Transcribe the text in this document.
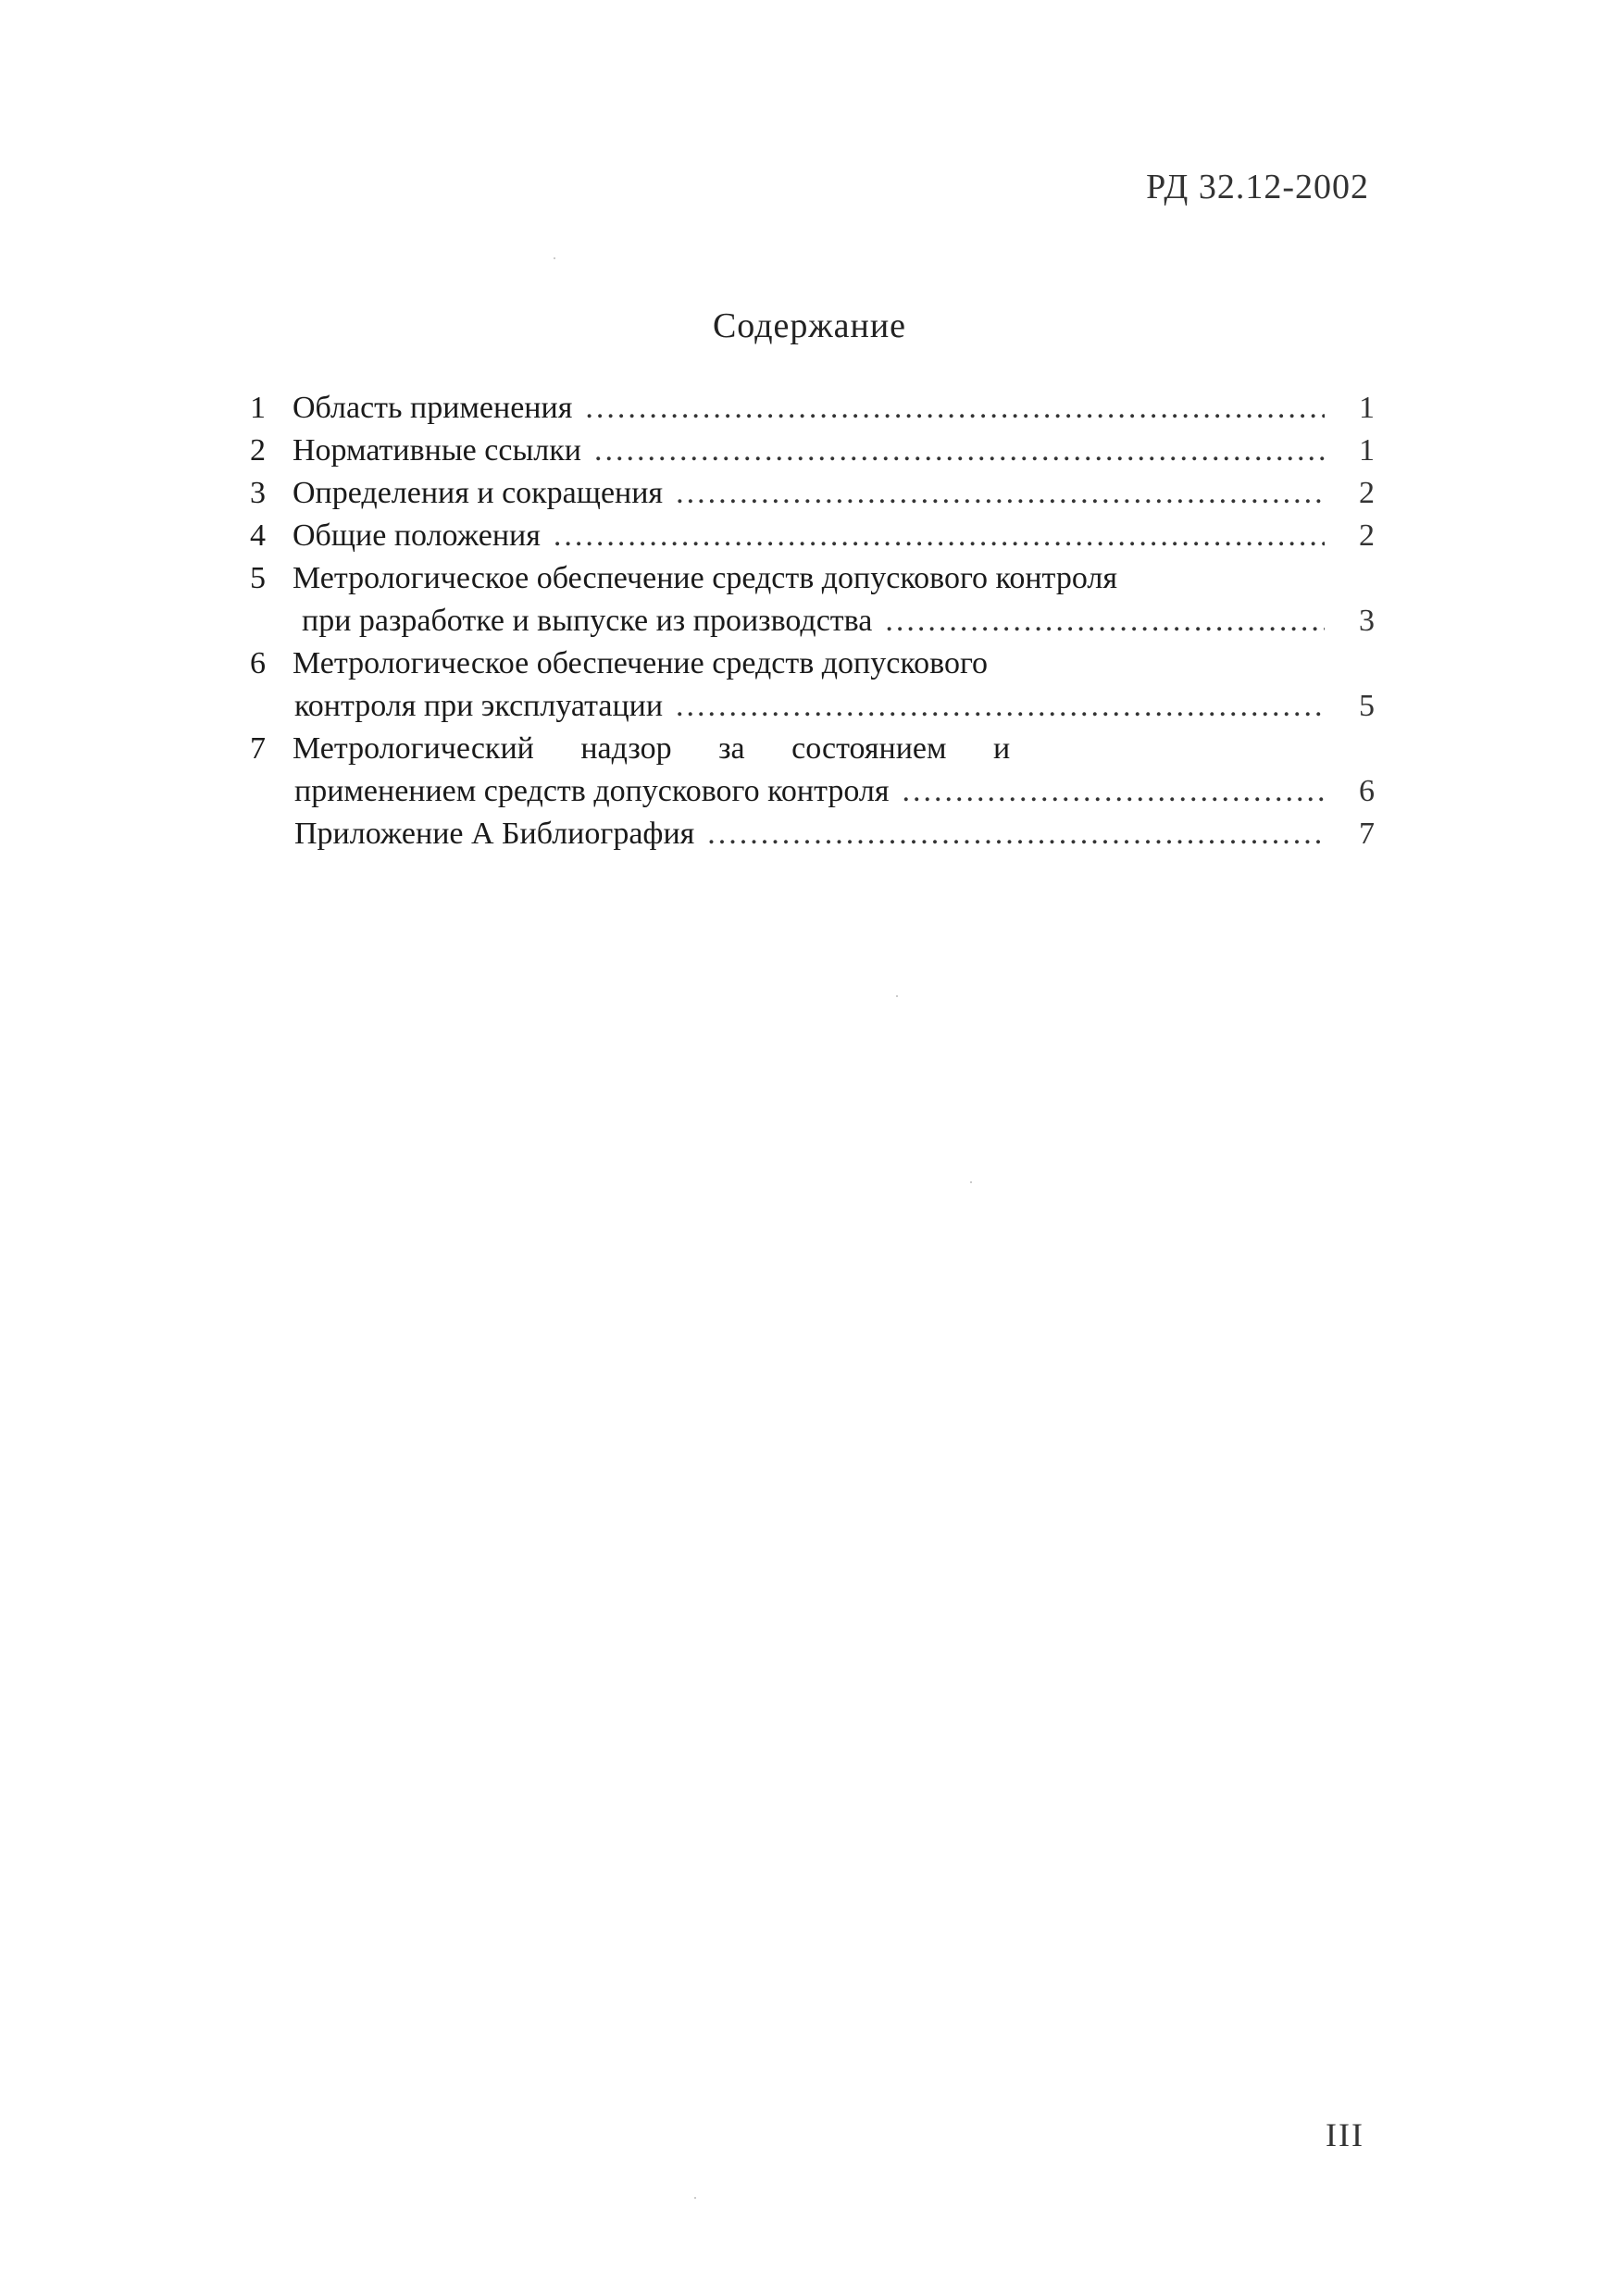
РД 32.12-2002
Содержание
1 Область применения .....	1
2 Нормативные ссылки .....	1
3 Определения и сокращения .....	2
4 Общие положения .....	2
5 Метрологическое обеспечение средств допускового контроля
при разработке и выпуске из производства .....	3
6 Метрологическое обеспечение средств допускового
контроля при эксплуатации .....	5
7 Метрологический надзор за состоянием и
применением средств допускового контроля .....	6
Приложение А Библиография .....	7
III
